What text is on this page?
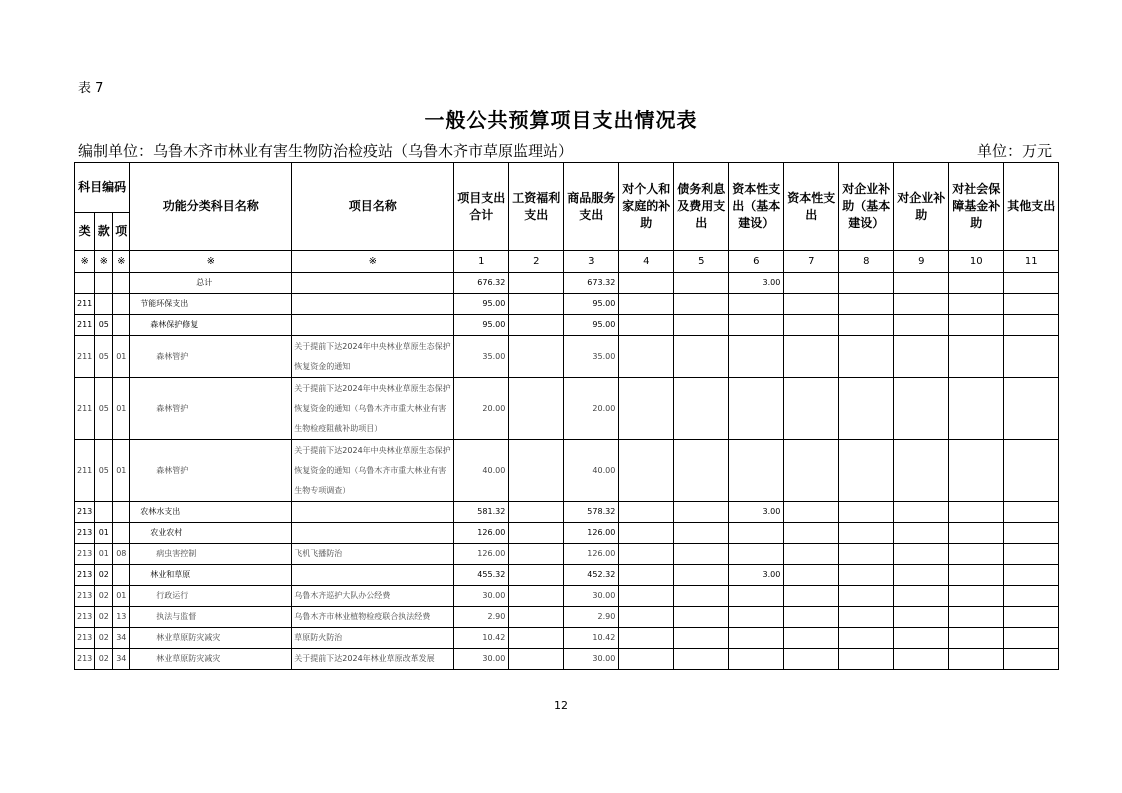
表 7
一般公共预算项目支出情况表
编制单位：乌鲁木齐市林业有害生物防治检疫站（乌鲁木齐市草原监理站）	单位：万元
科目编码			功能分类科目名称	项目名称	项目支出合计	工资福利支出	商品服务支出	对个人和家庭的补助	债务利息及费用支出	资本性支出（基本建设）	资本性支出	对企业补助（基本建设）	对企业补助	对社会保障基金补助	其他支出
类	款	项													
※	※	※	※	※	1	2	3	4	5	6	7	8	9	10	11
			总计		676.32		673.32			3.00					
211			节能环保支出		95.00		95.00								
211	05		森林保护修复		95.00		95.00								
211	05	01	森林管护	关于提前下达2024年中央林业草原生态保护恢复资金的通知	35.00		35.00								
211	05	01	森林管护	关于提前下达2024年中央林业草原生态保护恢复资金的通知（乌鲁木齐市重大林业有害生物检疫阻截补助项目）	20.00		20.00								
211	05	01	森林管护	关于提前下达2024年中央林业草原生态保护恢复资金的通知（乌鲁木齐市重大林业有害生物专项调查）	40.00		40.00								
213			农林水支出		581.32		578.32			3.00					
213	01		农业农村		126.00		126.00								
213	01	08	病虫害控制	飞机飞播防治	126.00		126.00								
213	02		林业和草原		455.32		452.32			3.00					
213	02	01	行政运行	乌鲁木齐巡护大队办公经费	30.00		30.00								
213	02	13	执法与监督	乌鲁木齐市林业植物检疫联合执法经费	2.90		2.90								
213	02	34	林业草原防灾减灾	草原防火防治	10.42		10.42								
213	02	34	林业草原防灾减灾	关于提前下达2024年林业草原改革发展	30.00		30.00								
12
